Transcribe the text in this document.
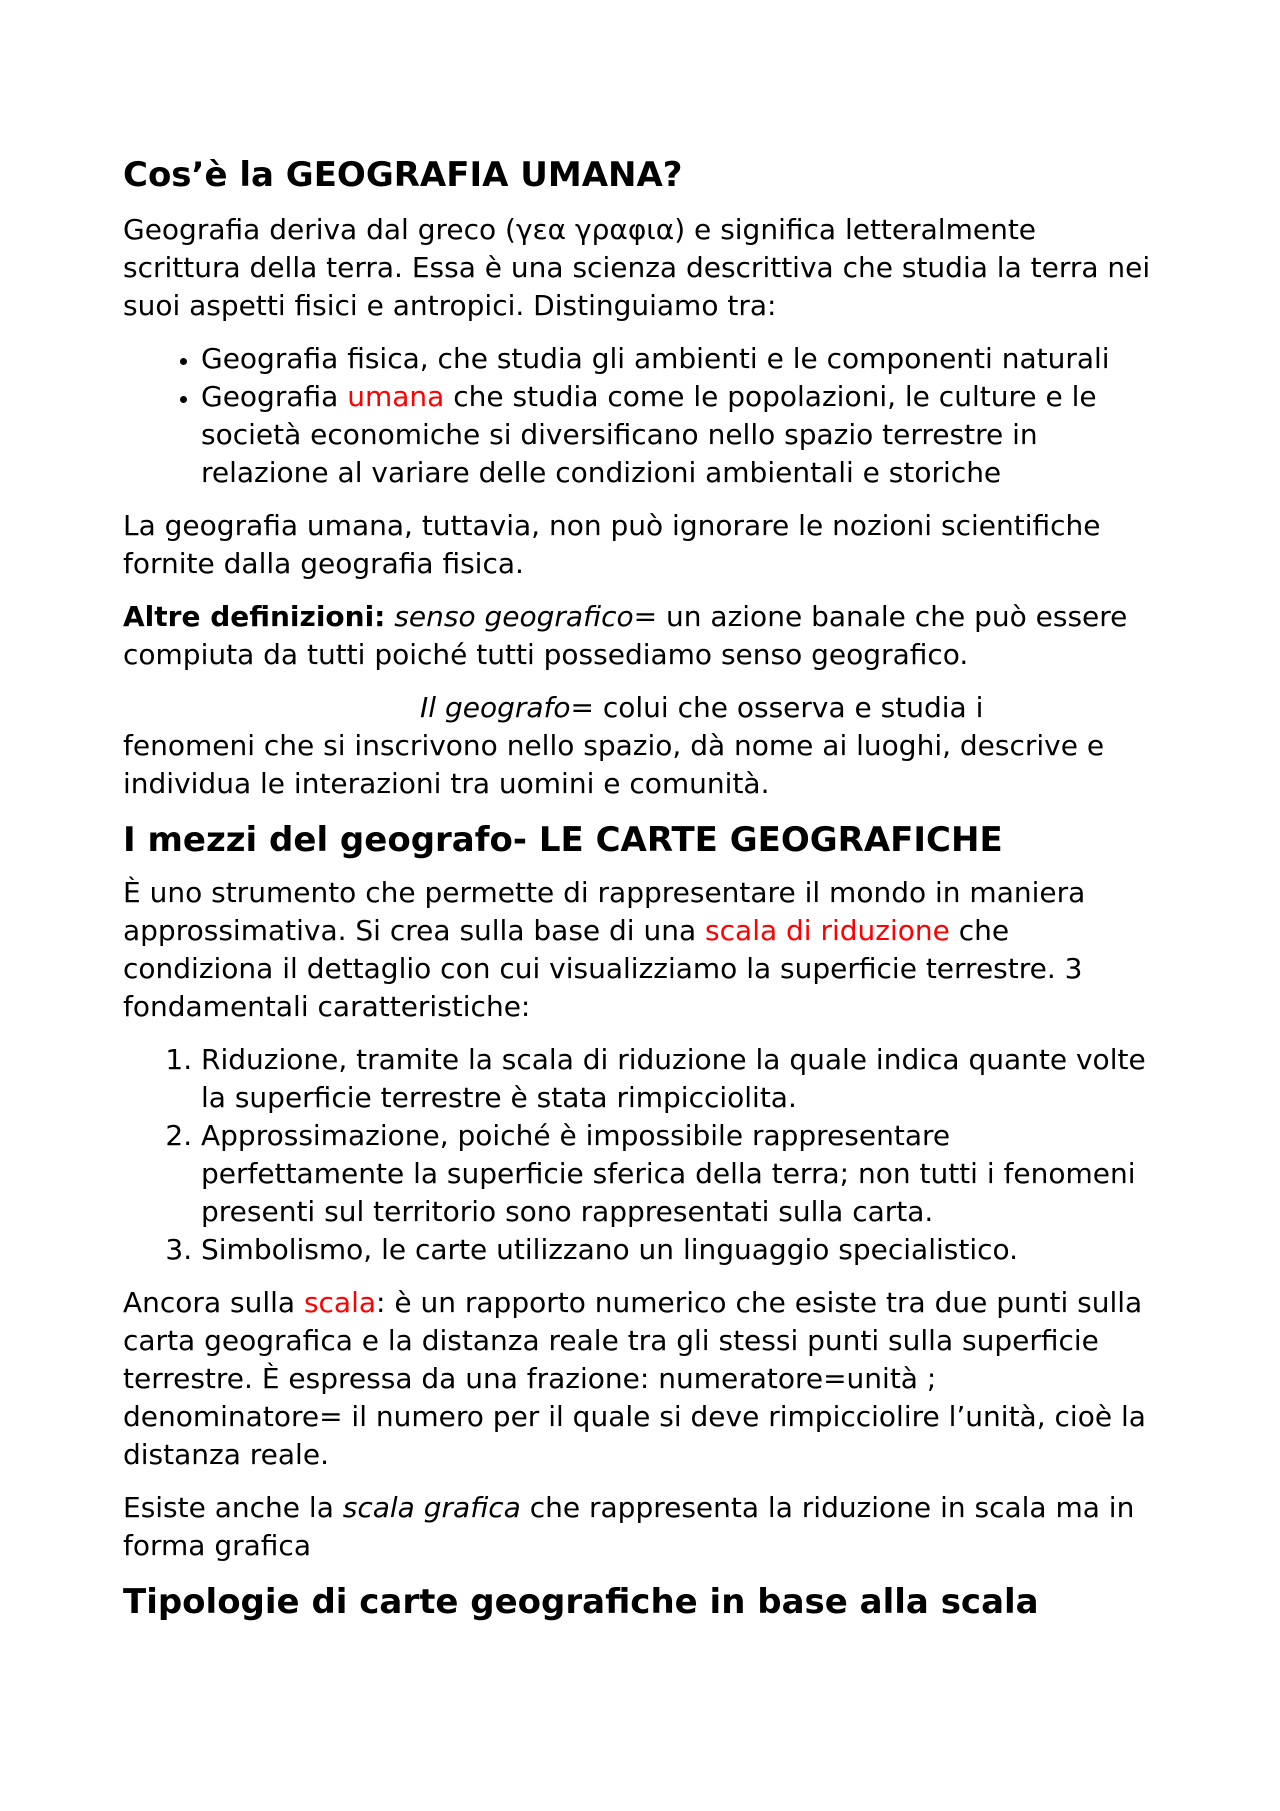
Cos’è la GEOGRAFIA UMANA?

Geografia deriva dal greco (γεα γραφια) e significa letteralmente scrittura della terra. Essa è una scienza descrittiva che studia la terra nei suoi aspetti fisici e antropici. Distinguiamo tra:

• Geografia fisica, che studia gli ambienti e le componenti naturali
• Geografia umana che studia come le popolazioni, le culture e le società economiche si diversificano nello spazio terrestre in relazione al variare delle condizioni ambientali e storiche

La geografia umana, tuttavia, non può ignorare le nozioni scientifiche fornite dalla geografia fisica.

Altre definizioni: senso geografico= un azione banale che può essere compiuta da tutti poiché tutti possediamo senso geografico.

Il geografo= colui che osserva e studia i
fenomeni che si inscrivono nello spazio, dà nome ai luoghi, descrive e individua le interazioni tra uomini e comunità.

I mezzi del geografo- LE CARTE GEOGRAFICHE

È uno strumento che permette di rappresentare il mondo in maniera approssimativa. Si crea sulla base di una scala di riduzione che condiziona il dettaglio con cui visualizziamo la superficie terrestre. 3 fondamentali caratteristiche:

1. Riduzione, tramite la scala di riduzione la quale indica quante volte la superficie terrestre è stata rimpicciolita.
2. Approssimazione, poiché è impossibile rappresentare perfettamente la superficie sferica della terra; non tutti i fenomeni presenti sul territorio sono rappresentati sulla carta.
3. Simbolismo, le carte utilizzano un linguaggio specialistico.

Ancora sulla scala: è un rapporto numerico che esiste tra due punti sulla carta geografica e la distanza reale tra gli stessi punti sulla superficie terrestre. È espressa da una frazione: numeratore=unità ; denominatore= il numero per il quale si deve rimpicciolire l’unità, cioè la distanza reale.

Esiste anche la scala grafica che rappresenta la riduzione in scala ma in forma grafica

Tipologie di carte geografiche in base alla scala
